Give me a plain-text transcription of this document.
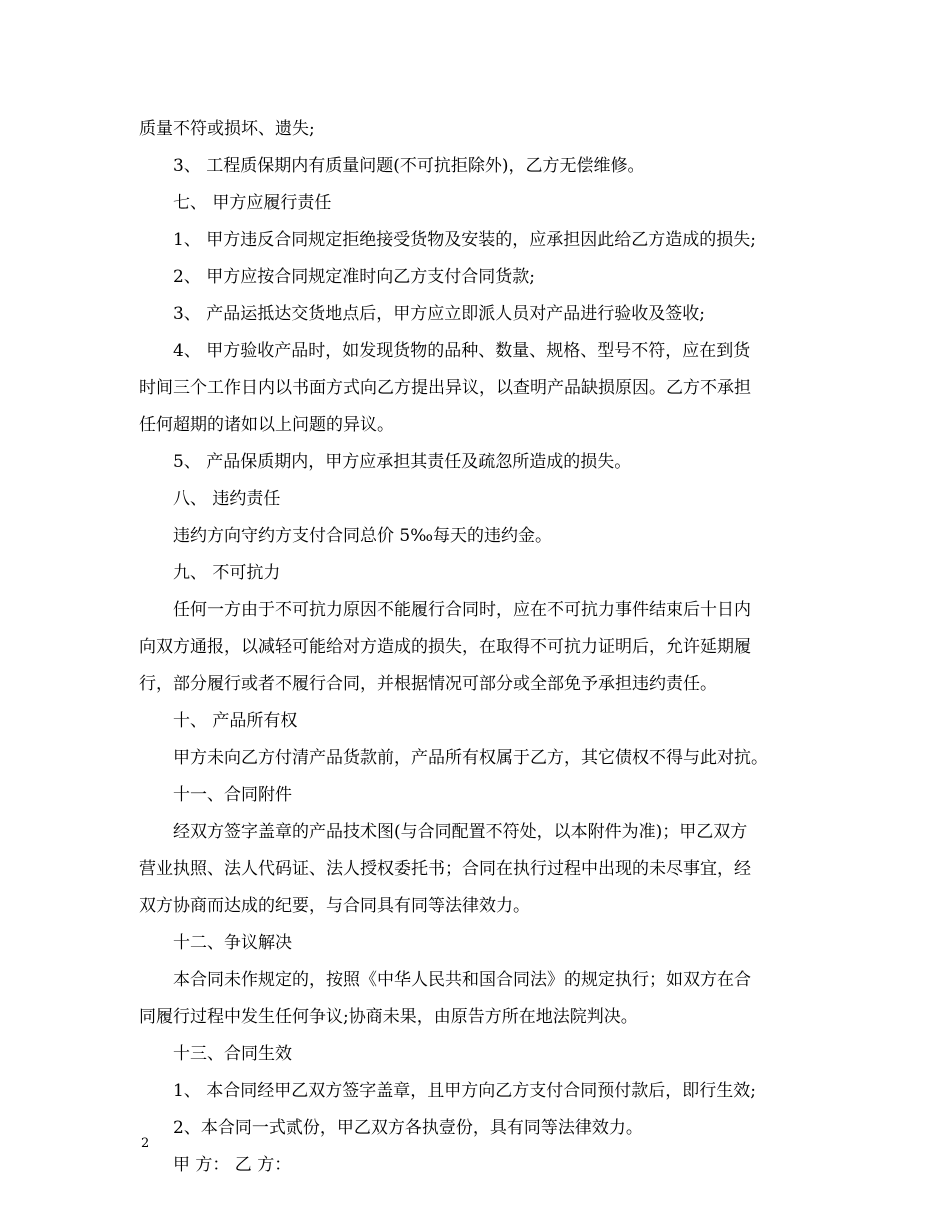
质量不符或损坏、遗失;
3、 工程质保期内有质量问题(不可抗拒除外)，乙方无偿维修。
七、 甲方应履行责任
1、 甲方违反合同规定拒绝接受货物及安装的，应承担因此给乙方造成的损失;
2、 甲方应按合同规定准时向乙方支付合同货款;
3、 产品运抵达交货地点后，甲方应立即派人员对产品进行验收及签收;
4、 甲方验收产品时，如发现货物的品种、数量、规格、型号不符，应在到货
时间三个工作日内以书面方式向乙方提出异议，以查明产品缺损原因。乙方不承担
任何超期的诸如以上问题的异议。
5、 产品保质期内，甲方应承担其责任及疏忽所造成的损失。
八、 违约责任
违约方向守约方支付合同总价 5‰每天的违约金。
九、 不可抗力
任何一方由于不可抗力原因不能履行合同时，应在不可抗力事件结束后十日内
向双方通报，以减轻可能给对方造成的损失，在取得不可抗力证明后，允许延期履
行，部分履行或者不履行合同，并根据情况可部分或全部免予承担违约责任。
十、 产品所有权
甲方未向乙方付清产品货款前，产品所有权属于乙方，其它债权不得与此对抗。
十一、合同附件
经双方签字盖章的产品技术图(与合同配置不符处，以本附件为准)；甲乙双方
营业执照、法人代码证、法人授权委托书；合同在执行过程中出现的未尽事宜，经
双方协商而达成的纪要，与合同具有同等法律效力。
十二、争议解决
本合同未作规定的，按照《中华人民共和国合同法》的规定执行；如双方在合
同履行过程中发生任何争议;协商未果，由原告方所在地法院判决。
十三、合同生效
1、 本合同经甲乙双方签字盖章，且甲方向乙方支付合同预付款后，即行生效;
2、本合同一式贰份，甲乙双方各执壹份，具有同等法律效力。
甲 方： 乙 方：
2
